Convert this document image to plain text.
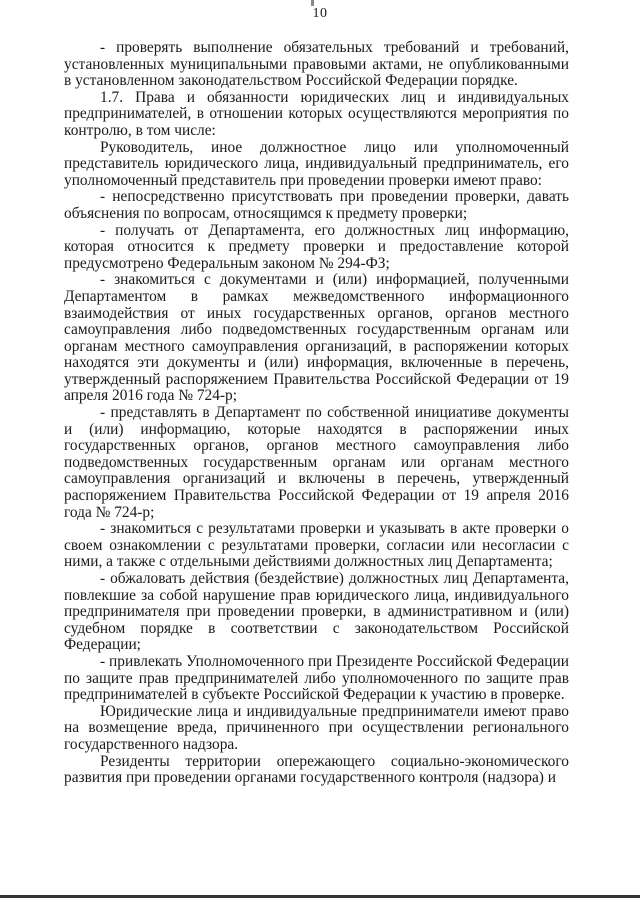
10

- проверять выполнение обязательных требований и требований, установленных муниципальными правовыми актами, не опубликованными в установленном законодательством Российской Федерации порядке.

1.7. Права и обязанности юридических лиц и индивидуальных предпринимателей, в отношении которых осуществляются мероприятия по контролю, в том числе:

Руководитель, иное должностное лицо или уполномоченный представитель юридического лица, индивидуальный предприниматель, его уполномоченный представитель при проведении проверки имеют право:

- непосредственно присутствовать при проведении проверки, давать объяснения по вопросам, относящимся к предмету проверки;

- получать от Департамента, его должностных лиц информацию, которая относится к предмету проверки и предоставление которой предусмотрено Федеральным законом № 294-ФЗ;

- знакомиться с документами и (или) информацией, полученными Департаментом в рамках межведомственного информационного взаимодействия от иных государственных органов, органов местного самоуправления либо подведомственных государственным органам или органам местного самоуправления организаций, в распоряжении которых находятся эти документы и (или) информация, включенные в перечень, утвержденный распоряжением Правительства Российской Федерации от 19 апреля 2016 года № 724-р;

- представлять в Департамент по собственной инициативе документы и (или) информацию, которые находятся в распоряжении иных государственных органов, органов местного самоуправления либо подведомственных государственным органам или органам местного самоуправления организаций и включены в перечень, утвержденный распоряжением Правительства Российской Федерации от 19 апреля 2016 года № 724-р;

- знакомиться с результатами проверки и указывать в акте проверки о своем ознакомлении с результатами проверки, согласии или несогласии с ними, а также с отдельными действиями должностных лиц Департамента;

- обжаловать действия (бездействие) должностных лиц Департамента, повлекшие за собой нарушение прав юридического лица, индивидуального предпринимателя при проведении проверки, в административном и (или) судебном порядке в соответствии с законодательством Российской Федерации;

- привлекать Уполномоченного при Президенте Российской Федерации по защите прав предпринимателей либо уполномоченного по защите прав предпринимателей в субъекте Российской Федерации к участию в проверке.

Юридические лица и индивидуальные предприниматели имеют право на возмещение вреда, причиненного при осуществлении регионального государственного надзора.

Резиденты территории опережающего социально-экономического развития при проведении органами государственного контроля (надзора) и
